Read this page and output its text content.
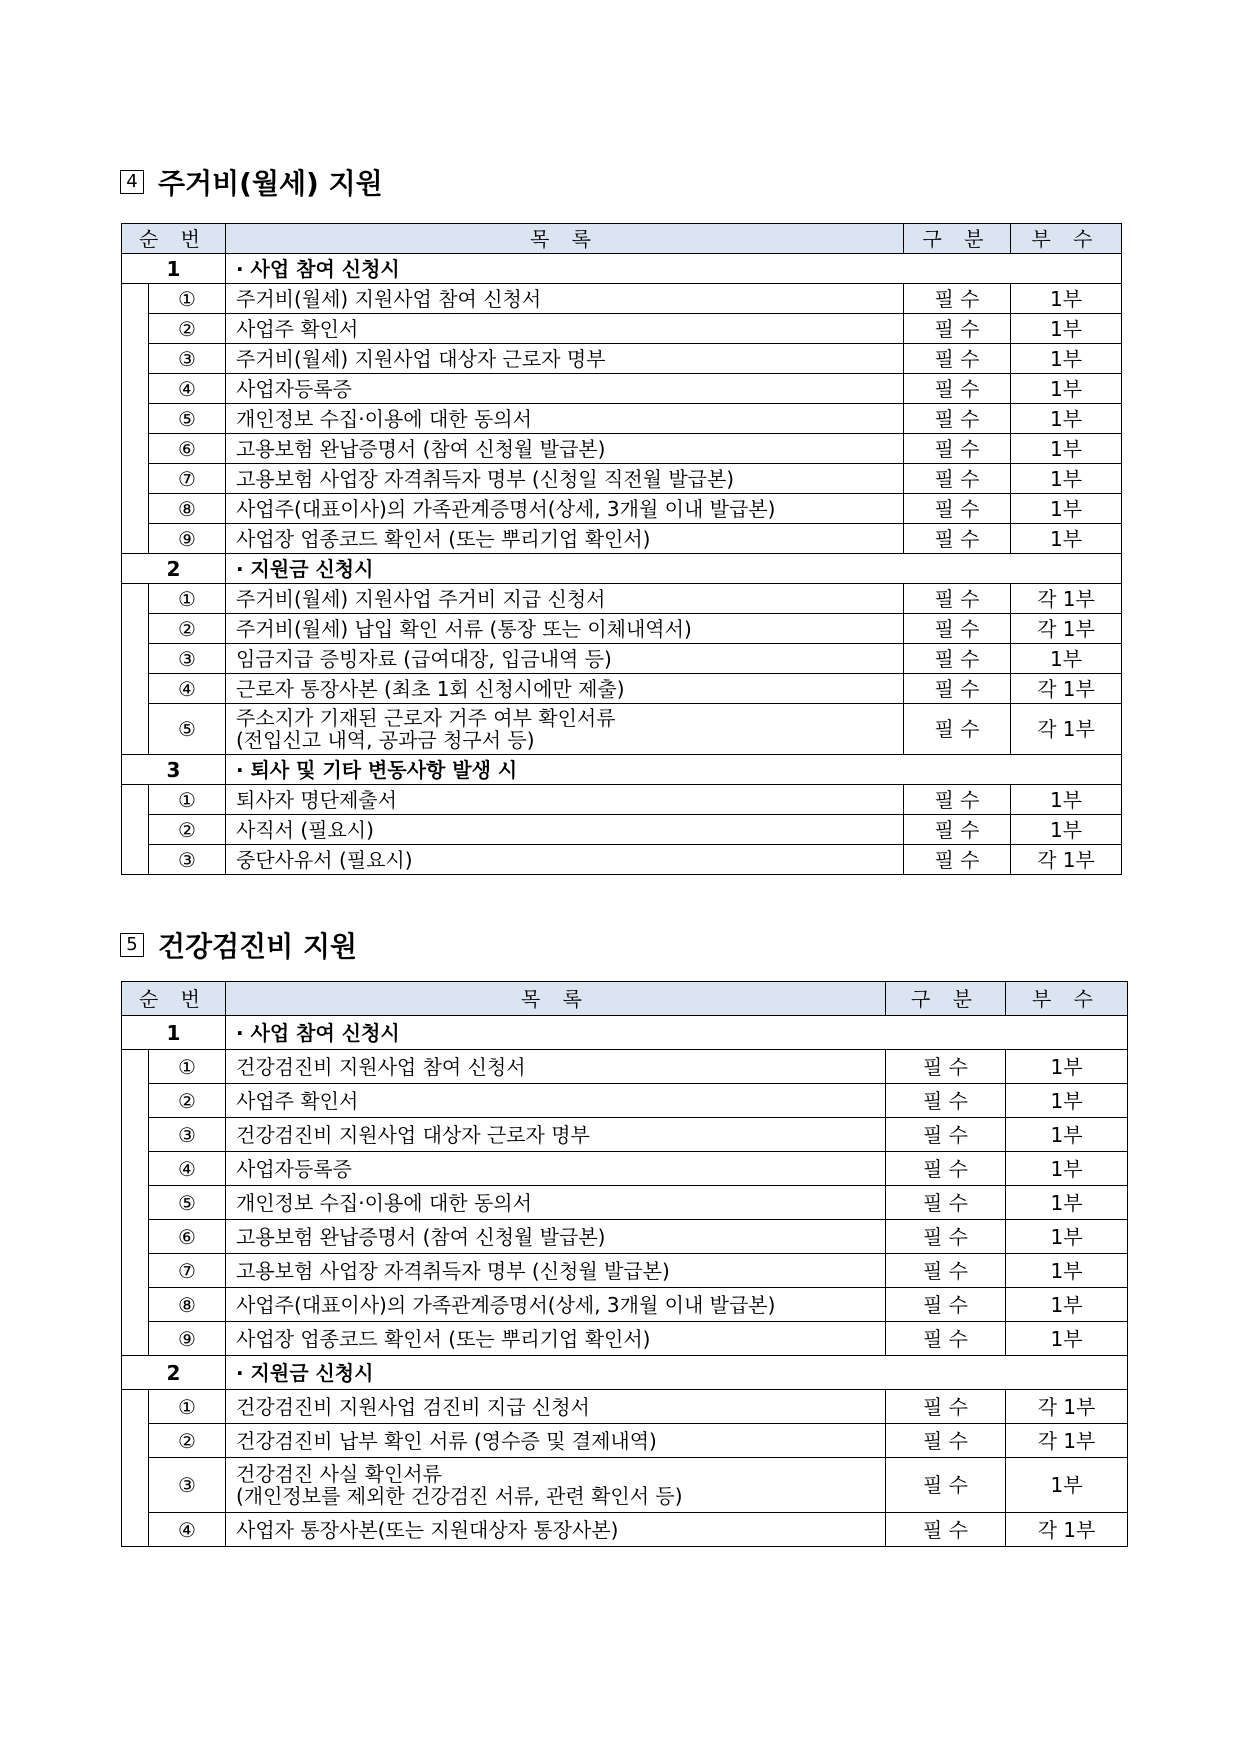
4 주거비(월세) 지원
순 번		목 록	구 분	부 수
1		· 사업 참여 신청시		
	①	주거비(월세) 지원사업 참여 신청서	필 수	1부
	②	사업주 확인서	필 수	1부
	③	주거비(월세) 지원사업 대상자 근로자 명부	필 수	1부
	④	사업자등록증	필 수	1부
	⑤	개인정보 수집·이용에 대한 동의서	필 수	1부
	⑥	고용보험 완납증명서 (참여 신청월 발급본)	필 수	1부
	⑦	고용보험 사업장 자격취득자 명부 (신청일 직전월 발급본)	필 수	1부
	⑧	사업주(대표이사)의 가족관계증명서(상세, 3개월 이내 발급본)	필 수	1부
	⑨	사업장 업종코드 확인서 (또는 뿌리기업 확인서)	필 수	1부
2		· 지원금 신청시		
	①	주거비(월세) 지원사업 주거비 지급 신청서	필 수	각 1부
	②	주거비(월세) 납입 확인 서류 (통장 또는 이체내역서)	필 수	각 1부
	③	임금지급 증빙자료 (급여대장, 입금내역 등)	필 수	1부
	④	근로자 통장사본 (최초 1회 신청시에만 제출)	필 수	각 1부
	⑤	주소지가 기재된 근로자 거주 여부 확인서류
(전입신고 내역, 공과금 청구서 등)	필 수	각 1부
3		· 퇴사 및 기타 변동사항 발생 시		
	①	퇴사자 명단제출서	필 수	1부
	②	사직서 (필요시)	필 수	1부
	③	중단사유서 (필요시)	필 수	각 1부
5 건강검진비 지원
순 번		목 록	구 분	부 수
1		· 사업 참여 신청시		
	①	건강검진비 지원사업 참여 신청서	필 수	1부
	②	사업주 확인서	필 수	1부
	③	건강검진비 지원사업 대상자 근로자 명부	필 수	1부
	④	사업자등록증	필 수	1부
	⑤	개인정보 수집·이용에 대한 동의서	필 수	1부
	⑥	고용보험 완납증명서 (참여 신청월 발급본)	필 수	1부
	⑦	고용보험 사업장 자격취득자 명부 (신청월 발급본)	필 수	1부
	⑧	사업주(대표이사)의 가족관계증명서(상세, 3개월 이내 발급본)	필 수	1부
	⑨	사업장 업종코드 확인서 (또는 뿌리기업 확인서)	필 수	1부
2		· 지원금 신청시		
	①	건강검진비 지원사업 검진비 지급 신청서	필 수	각 1부
	②	건강검진비 납부 확인 서류 (영수증 및 결제내역)	필 수	각 1부
	③	건강검진 사실 확인서류
(개인정보를 제외한 건강검진 서류, 관련 확인서 등)	필 수	1부
	④	사업자 통장사본(또는 지원대상자 통장사본)	필 수	각 1부
